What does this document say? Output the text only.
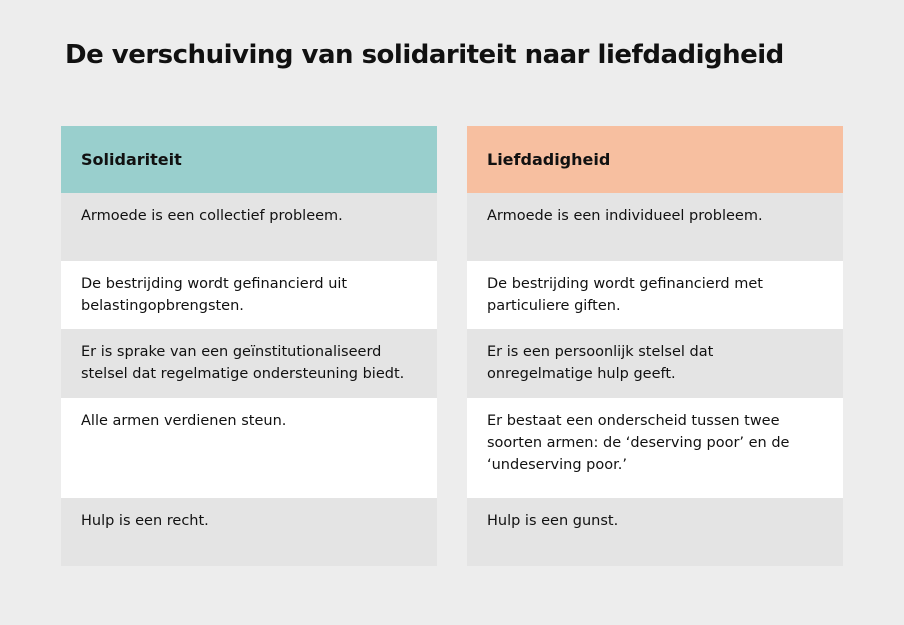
De verschuiving van solidariteit naar liefdadigheid
Solidariteit
Armoede is een collectief probleem.
De bestrijding wordt gefinancierd uit belastingopbrengsten.
Er is sprake van een geïnstitutionaliseerd stelsel dat regelmatige ondersteuning biedt.
Alle armen verdienen steun.
Hulp is een recht.
Liefdadigheid
Armoede is een individueel probleem.
De bestrijding wordt gefinancierd met particuliere giften.
Er is een persoonlijk stelsel dat onregelmatige hulp geeft.
Er bestaat een onderscheid tussen twee soorten armen: de ‘deserving poor’ en de ‘undeserving poor.’
Hulp is een gunst.
